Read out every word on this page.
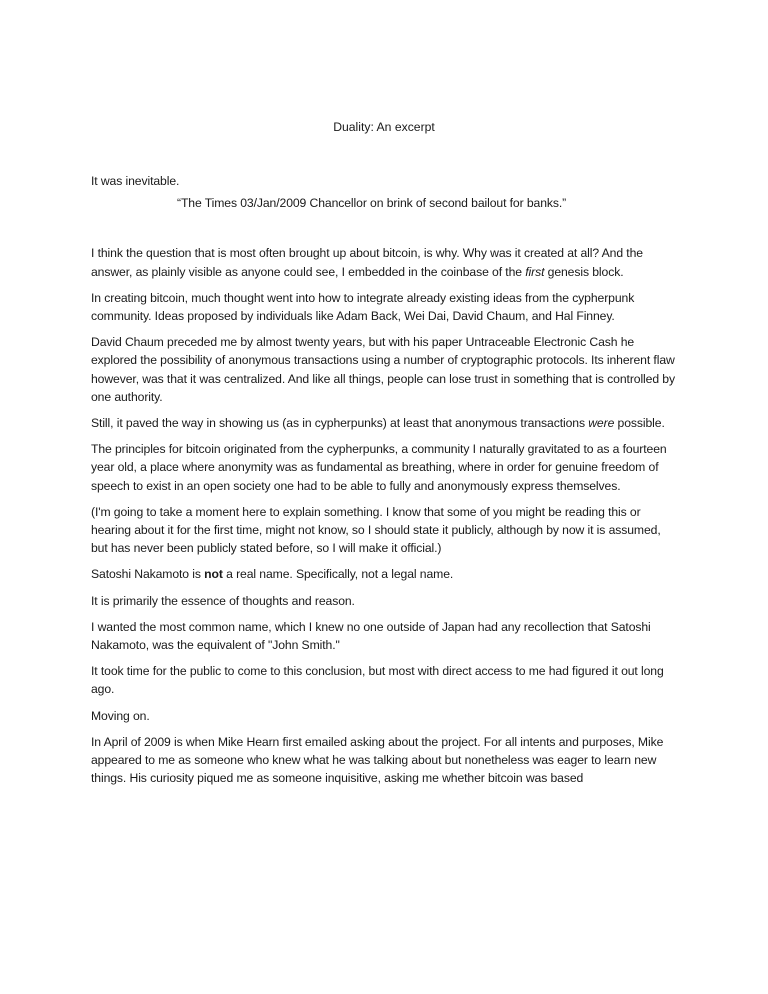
Duality: An excerpt

It was inevitable.

“The Times 03/Jan/2009 Chancellor on brink of second bailout for banks.”

I think the question that is most often brought up about bitcoin, is why. Why was it created at all? And the answer, as plainly visible as anyone could see, I embedded in the coinbase of the first genesis block.

In creating bitcoin, much thought went into how to integrate already existing ideas from the cypherpunk community. Ideas proposed by individuals like Adam Back, Wei Dai, David Chaum, and Hal Finney.

David Chaum preceded me by almost twenty years, but with his paper Untraceable Electronic Cash he explored the possibility of anonymous transactions using a number of cryptographic protocols. Its inherent flaw however, was that it was centralized. And like all things, people can lose trust in something that is controlled by one authority.

Still, it paved the way in showing us (as in cypherpunks) at least that anonymous transactions were possible.

The principles for bitcoin originated from the cypherpunks, a community I naturally gravitated to as a fourteen year old, a place where anonymity was as fundamental as breathing, where in order for genuine freedom of speech to exist in an open society one had to be able to fully and anonymously express themselves.

(I'm going to take a moment here to explain something. I know that some of you might be reading this or hearing about it for the first time, might not know, so I should state it publicly, although by now it is assumed, but has never been publicly stated before, so I will make it official.)

Satoshi Nakamoto is not a real name. Specifically, not a legal name.

It is primarily the essence of thoughts and reason.

I wanted the most common name, which I knew no one outside of Japan had any recollection that Satoshi Nakamoto, was the equivalent of "John Smith."

It took time for the public to come to this conclusion, but most with direct access to me had figured it out long ago.

Moving on.

In April of 2009 is when Mike Hearn first emailed asking about the project. For all intents and purposes, Mike appeared to me as someone who knew what he was talking about but nonetheless was eager to learn new things. His curiosity piqued me as someone inquisitive, asking me whether bitcoin was based
